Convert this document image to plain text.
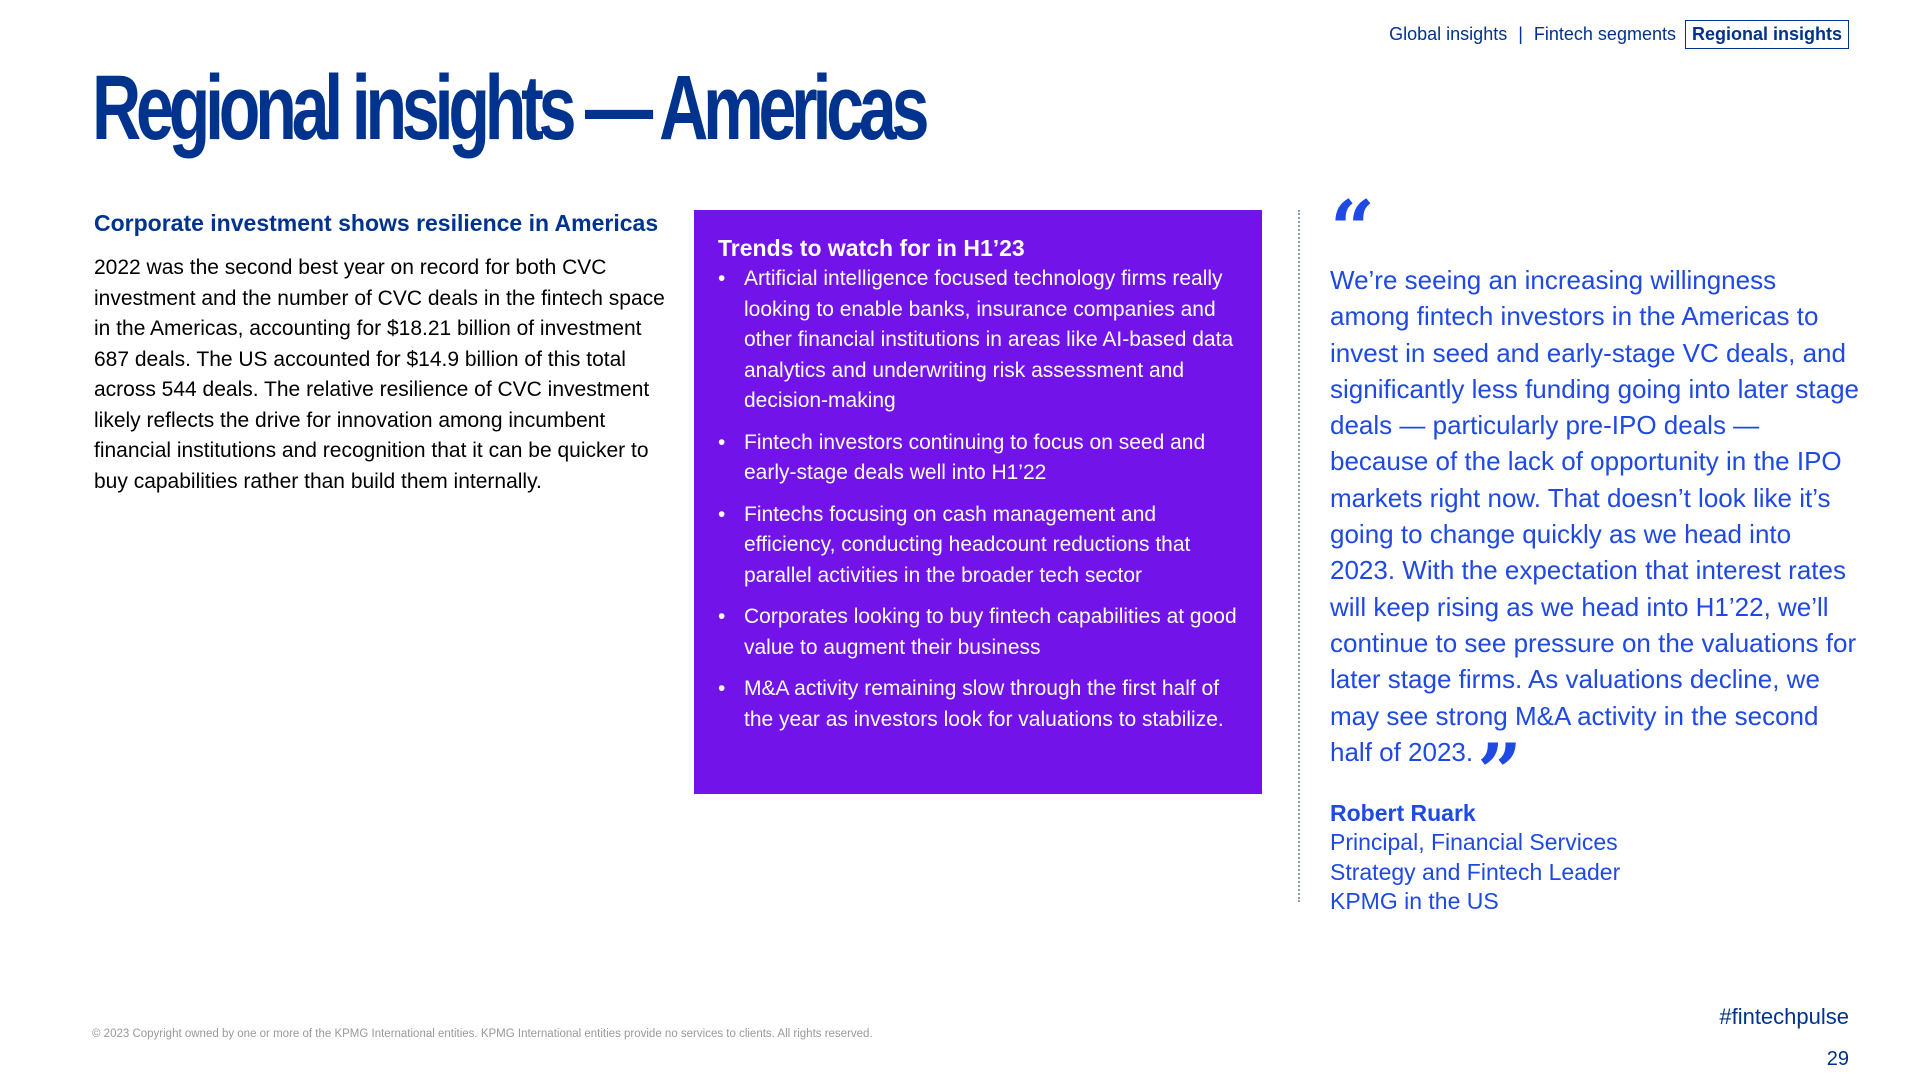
Global insights | Fintech segments Regional insights
Regional insights — Americas
Corporate investment shows resilience in Americas

2022 was the second best year on record for both CVC investment and the number of CVC deals in the fintech space in the Americas, accounting for $18.21 billion of investment 687 deals. The US accounted for $14.9 billion of this total across 544 deals. The relative resilience of CVC investment likely reflects the drive for innovation among incumbent financial institutions and recognition that it can be quicker to buy capabilities rather than build them internally.

Trends to watch for in H1’23
• Artificial intelligence focused technology firms really looking to enable banks, insurance companies and other financial institutions in areas like AI-based data analytics and underwriting risk assessment and decision-making
• Fintech investors continuing to focus on seed and early-stage deals well into H1’22
• Fintechs focusing on cash management and efficiency, conducting headcount reductions that parallel activities in the broader tech sector
• Corporates looking to buy fintech capabilities at good value to augment their business
• M&A activity remaining slow through the first half of the year as investors look for valuations to stabilize.
“

We’re seeing an increasing willingness among fintech investors in the Americas to invest in seed and early-stage VC deals, and significantly less funding going into later stage deals — particularly pre-IPO deals — because of the lack of opportunity in the IPO markets right now. That doesn’t look like it’s going to change quickly as we head into 2023. With the expectation that interest rates will keep rising as we head into H1’22, we’ll continue to see pressure on the valuations for later stage firms. As valuations decline, we may see strong M&A activity in the second half of 2023.”

Robert Ruark
Principal, Financial Services
Strategy and Fintech Leader
KPMG in the US
#fintechpulse
© 2023 Copyright owned by one or more of the KPMG International entities. KPMG International entities provide no services to clients. All rights reserved.
29
